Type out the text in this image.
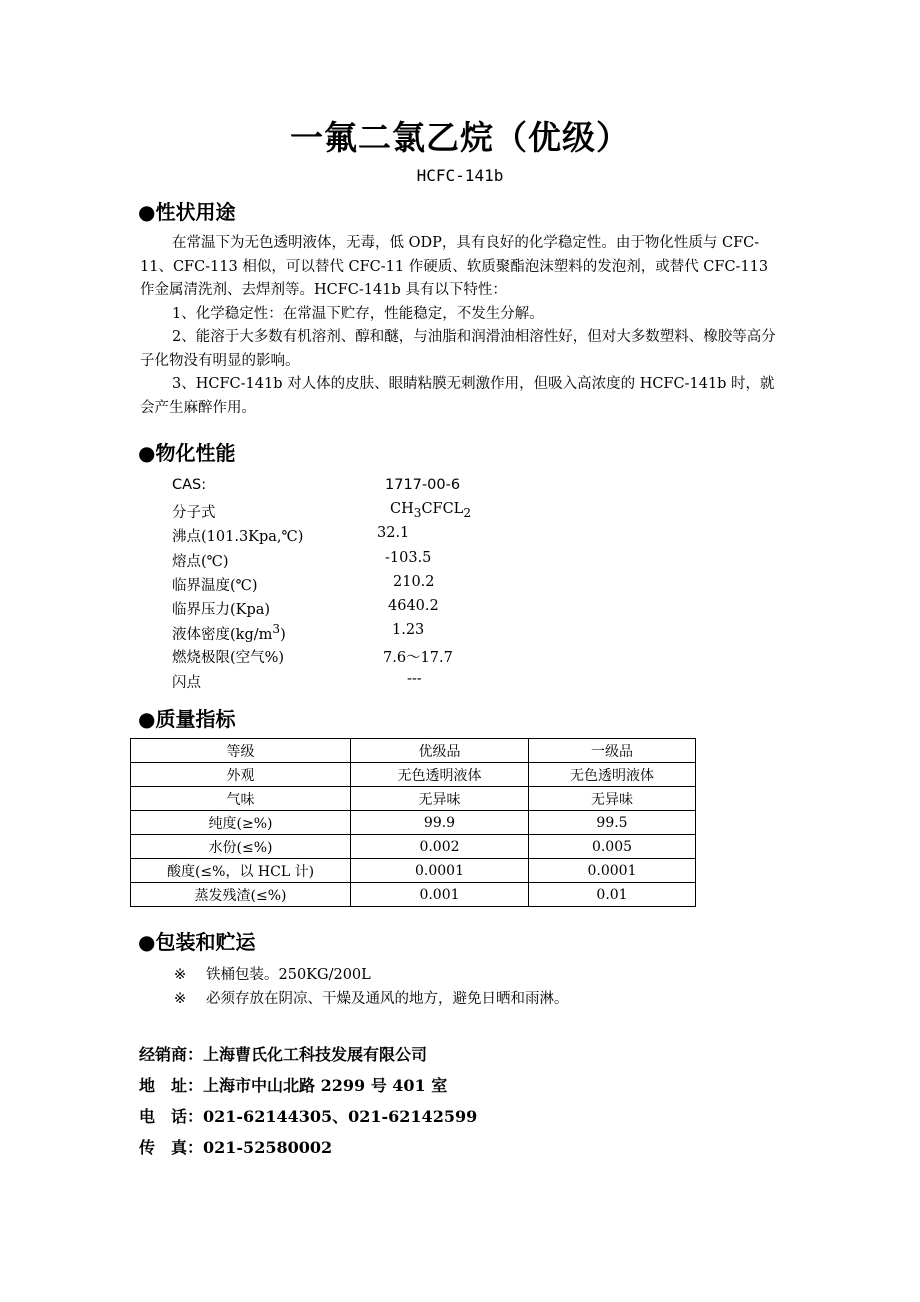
一氟二氯乙烷（优级）
HCFC-141b
●性状用途

在常温下为无色透明液体，无毒，低 ODP，具有良好的化学稳定性。由于物化性质与 CFC-11、CFC-113 相似，可以替代 CFC-11 作硬质、软质聚酯泡沫塑料的发泡剂，或替代 CFC-113 作金属清洗剂、去焊剂等。HCFC-141b 具有以下特性：

1、化学稳定性：在常温下贮存，性能稳定，不发生分解。

2、能溶于大多数有机溶剂、醇和醚，与油脂和润滑油相溶性好，但对大多数塑料、橡胶等高分子化物没有明显的影响。

3、HCFC-141b 对人体的皮肤、眼睛粘膜无刺激作用，但吸入高浓度的 HCFC-141b 时，就会产生麻醉作用。

●物化性能
CAS:	1717-00-6
分子式	$CH_3CFCL_2$
沸点(101.3Kpa,℃)	32.1
熔点(℃)	-103.5
临界温度(℃)	210.2
临界压力(Kpa)	4640.2
液体密度$(kg/m^3)$	1.23
燃烧极限(空气%)	7.6～17.7
闪点	---
●质量指标
等级	优级品	一级品
外观	无色透明液体	无色透明液体
气味	无异味	无异味
纯度(≥%)	99.9	99.5
水份(≤%)	0.002	0.005
酸度(≤%，以 HCL 计)	0.0001	0.0001
蒸发残渣(≤%)	0.001	0.01
●包装和贮运
※ 铁桶包装。250KG/200L
※ 必须存放在阴凉、干燥及通风的地方，避免日晒和雨淋。
经销商：上海曹氏化工科技发展有限公司
地　址：上海市中山北路 2299 号 401 室
电　话：021-62144305、021-62142599
传　真：021-52580002
